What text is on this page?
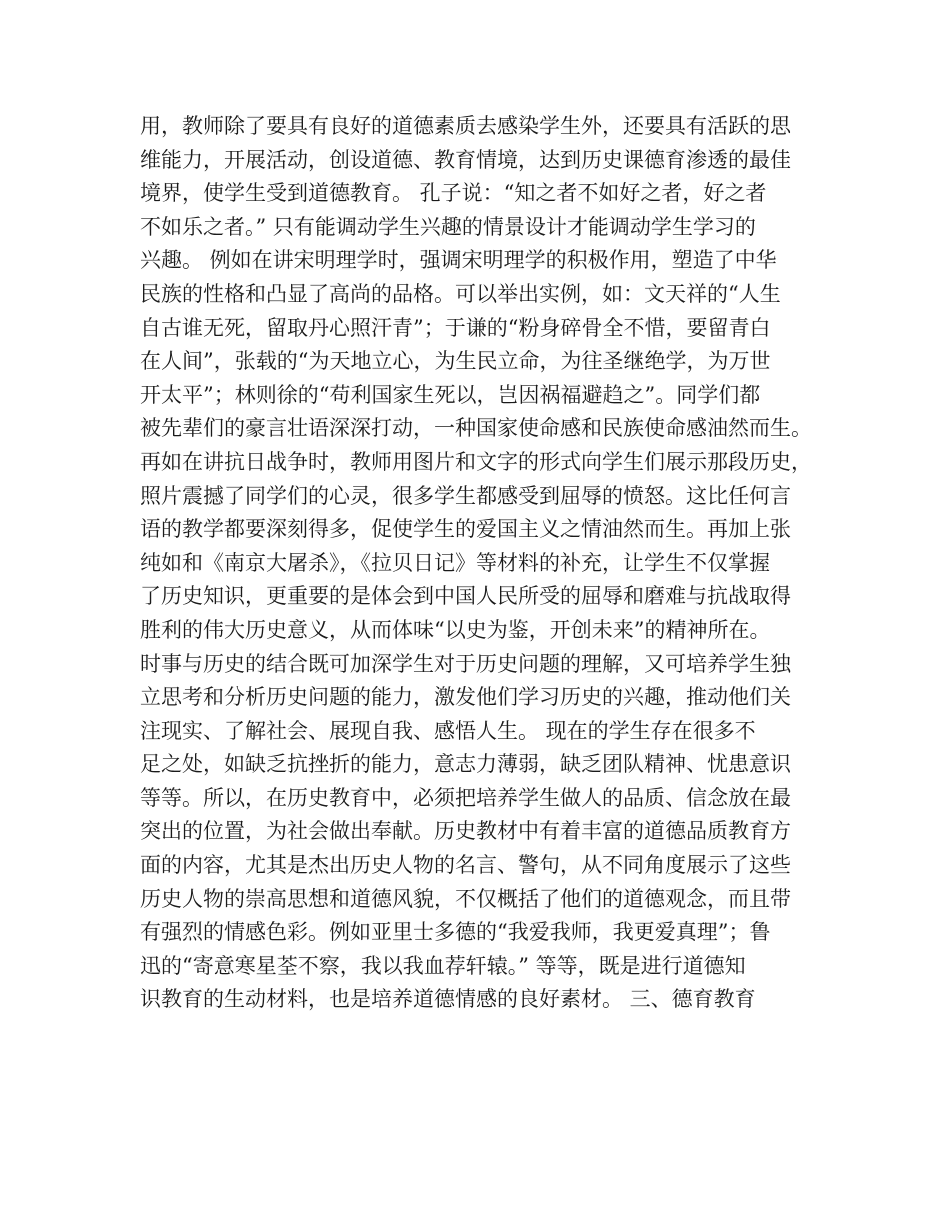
用，教师除了要具有良好的道德素质去感染学生外，还要具有活跃的思
维能力，开展活动，创设道德、教育情境，达到历史课德育渗透的最佳
境界，使学生受到道德教育。 孔子说：“知之者不如好之者，好之者
不如乐之者。” 只有能调动学生兴趣的情景设计才能调动学生学习的
兴趣。 例如在讲宋明理学时，强调宋明理学的积极作用，塑造了中华
民族的性格和凸显了高尚的品格。可以举出实例，如：文天祥的“人生
自古谁无死，留取丹心照汗青”；于谦的“粉身碎骨全不惜，要留青白
在人间”，张载的“为天地立心，为生民立命，为往圣继绝学，为万世
开太平”；林则徐的“苟利国家生死以，岂因祸福避趋之”。同学们都
被先辈们的豪言壮语深深打动，一种国家使命感和民族使命感油然而生。
再如在讲抗日战争时，教师用图片和文字的形式向学生们展示那段历史，
照片震撼了同学们的心灵，很多学生都感受到屈辱的愤怒。这比任何言
语的教学都要深刻得多，促使学生的爱国主义之情油然而生。再加上张
纯如和《南京大屠杀》，《拉贝日记》等材料的补充，让学生不仅掌握
了历史知识，更重要的是体会到中国人民所受的屈辱和磨难与抗战取得
胜利的伟大历史意义，从而体味“以史为鉴，开创未来”的精神所在。
时事与历史的结合既可加深学生对于历史问题的理解，又可培养学生独
立思考和分析历史问题的能力，激发他们学习历史的兴趣，推动他们关
注现实、了解社会、展现自我、感悟人生。 现在的学生存在很多不
足之处，如缺乏抗挫折的能力，意志力薄弱，缺乏团队精神、忧患意识
等等。所以，在历史教育中，必须把培养学生做人的品质、信念放在最
突出的位置，为社会做出奉献。历史教材中有着丰富的道德品质教育方
面的内容，尤其是杰出历史人物的名言、警句，从不同角度展示了这些
历史人物的崇高思想和道德风貌，不仅概括了他们的道德观念，而且带
有强烈的情感色彩。例如亚里士多德的“我爱我师，我更爱真理”；鲁
迅的“寄意寒星荃不察，我以我血荐轩辕。” 等等，既是进行道德知
识教育的生动材料，也是培养道德情感的良好素材。 三、德育教育
